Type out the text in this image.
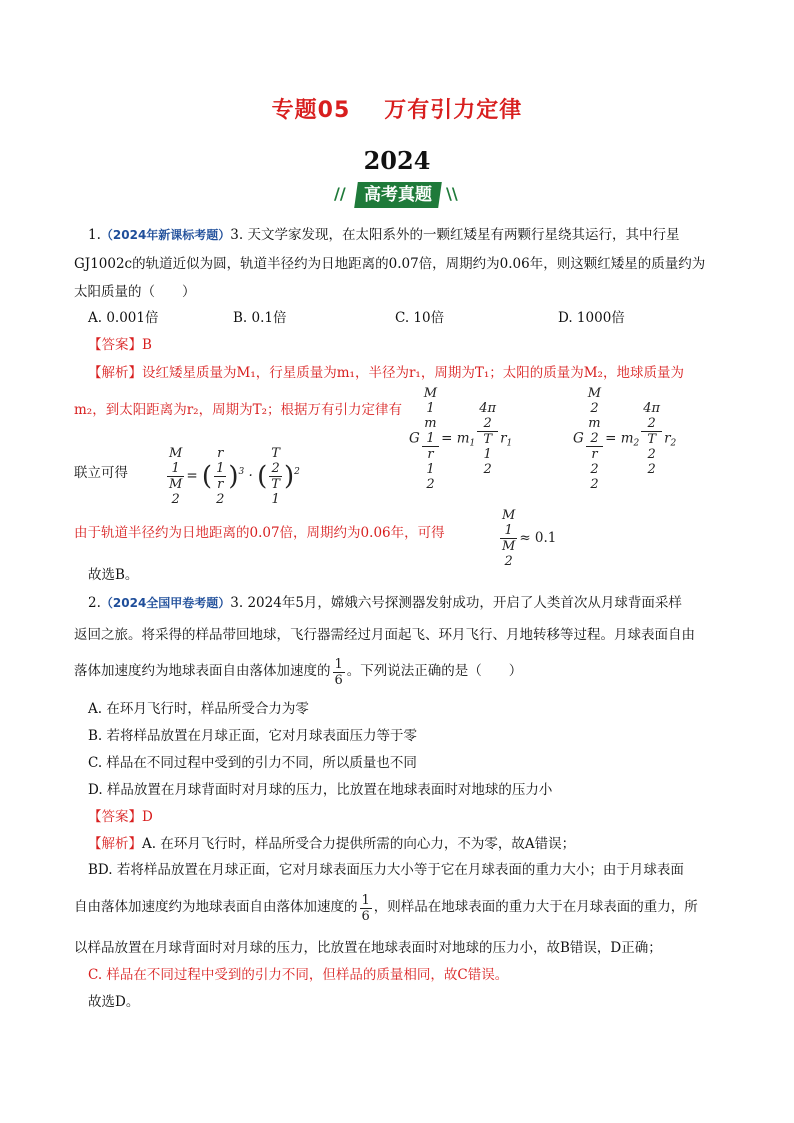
专题05 万有引力定律
2024
//	高考真题 \\
1.（2024年新课标考题）3. 天文学家发现，在太阳系外的一颗红矮星有两颗行星绕其运行，其中行星
GJ1002c的轨道近似为圆，轨道半径约为日地距离的0.07倍，周期约为0.06年，则这颗红矮星的质量约为
太阳质量的（　　）
A. 0.001倍	B. 0.1倍	C. 10倍	D. 1000倍
【答案】B
【解析】设红矮星质量为M₁，行星质量为m₁，半径为r₁，周期为T₁；太阳的质量为M₂，地球质量为
m₂，到太阳距离为r₂，周期为T₂；根据万有引力定律有
G M
1
m
1
r
1
$2 = m_1$ 4π
2
T
1
2 $r_1$	G M
2
m
2
r
2
$2 = m_2$ 4π
2
T
2
2 $r_2$
联立可得	M
1
M
2 = ( r
1
r
2 )$^3$ · ( T
2
T
1 )$^2$
由于轨道半径约为日地距离的0.07倍，周期约为0.06年，可得	M
1
M
2 ≈ 0.1
故选B。
2.（2024全国甲卷考题）3. 2024年5月，嫦娥六号探测器发射成功，开启了人类首次从月球背面采样
返回之旅。将采得的样品带回地球，飞行器需经过月面起飞、环月飞行、月地转移等过程。月球表面自由
落体加速度约为地球表面自由落体加速度的 $\frac{1}{6}$ 。下列说法正确的是（　　）
A. 在环月飞行时，样品所受合力为零
B. 若将样品放置在月球正面，它对月球表面压力等于零
C. 样品在不同过程中受到的引力不同，所以质量也不同
D. 样品放置在月球背面时对月球的压力，比放置在地球表面时对地球的压力小
【答案】D
【解析】A. 在环月飞行时，样品所受合力提供所需的向心力，不为零，故A错误；
BD. 若将样品放置在月球正面，它对月球表面压力大小等于它在月球表面的重力大小；由于月球表面
自由落体加速度约为地球表面自由落体加速度的 $\frac{1}{6}$ ，则样品在地球表面的重力大于在月球表面的重力，所
以样品放置在月球背面时对月球的压力，比放置在地球表面时对地球的压力小，故B错误，D正确；
C. 样品在不同过程中受到的引力不同，但样品的质量相同，故C错误。
故选D。
